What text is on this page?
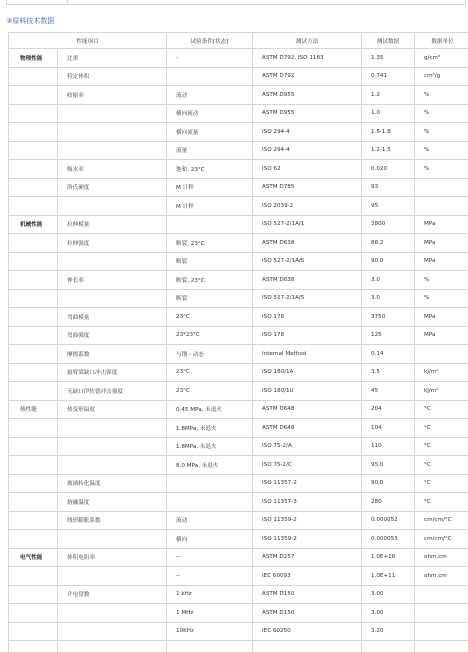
③原料技术数据
性能项目		试验条件[状态]	测试方法	测试数据	数据单位
物理性能	比重	-	ASTM D792, ISO 1183	1.35	g/cm³
	特定体积		ASTM D792	0.741	cm³/g
	收缩率	流动	ASTM D955	1.2	%
		横向流动	ASTM D955	1.0	%
		横向流量	ISO 294-4	1.5-1.8	%
		流量	ISO 294-4	1.2-1.5	%
	吸水率	饱和, 23°C	ISO 62	0.020	%
	洛氏硬度	M 计秤	ASTM D785	93	
		M 计秤	ISO 2039-2	95	
机械性能	拉伸模量		ISO 527-2/1A/1	3800	MPa
	拉伸强度	断裂, 23°C	ASTM D638	86.2	MPa
		断裂	ISO 527-2/1A/5	90.0	MPa
	伸长率	断裂, 23°C	ASTM D638	3.0	%
		断裂	ISO 527-2/1A/5	3.0	%
	弯曲模量	23°C	ISO 178	3750	MPa
	弯曲强度	23*23°C	ISO 178	125	MPa
	摩擦系数	与钢 - 动态	Internal Method	0.14	
	悬臂梁缺口冲击强度	23°C	ISO 180/1A	3.5	kJ/m²
	无缺口伊佐德冲击强度	23°C	ISO 180/1U	45	kJ/m²
热性能	热变形温度	0.45 MPa, 未退火	ASTM D648	204	°C
		1.8MPa, 未退火	ASTM D648	104	°C
		1.8MPa, 未退火	ISO 75-2/A	110	°C
		8.0 MPa, 未退火	ISO 75-2/C	95.0	°C
	玻璃转化温度		ISO 11357-2	90.0	°C
	熔融温度		ISO 11357-3	280	°C
	线形膨胀系数	流动	ISO 11359-2	0.000052	cm/cm/°C
		横向	ISO 11359-2	0.000053	cm/cm/°C
电气性能	体积电阻率	--	ASTM D257	1.0E+16	ohm.cm
		--	IEC 60093	1.0E+11	ohm.cm
	介电常数	1 kHz	ASTM D150	3.00	
		1 MHz	ASTM D150	3.00	
		10KHz	IEC 60250	3.20	
